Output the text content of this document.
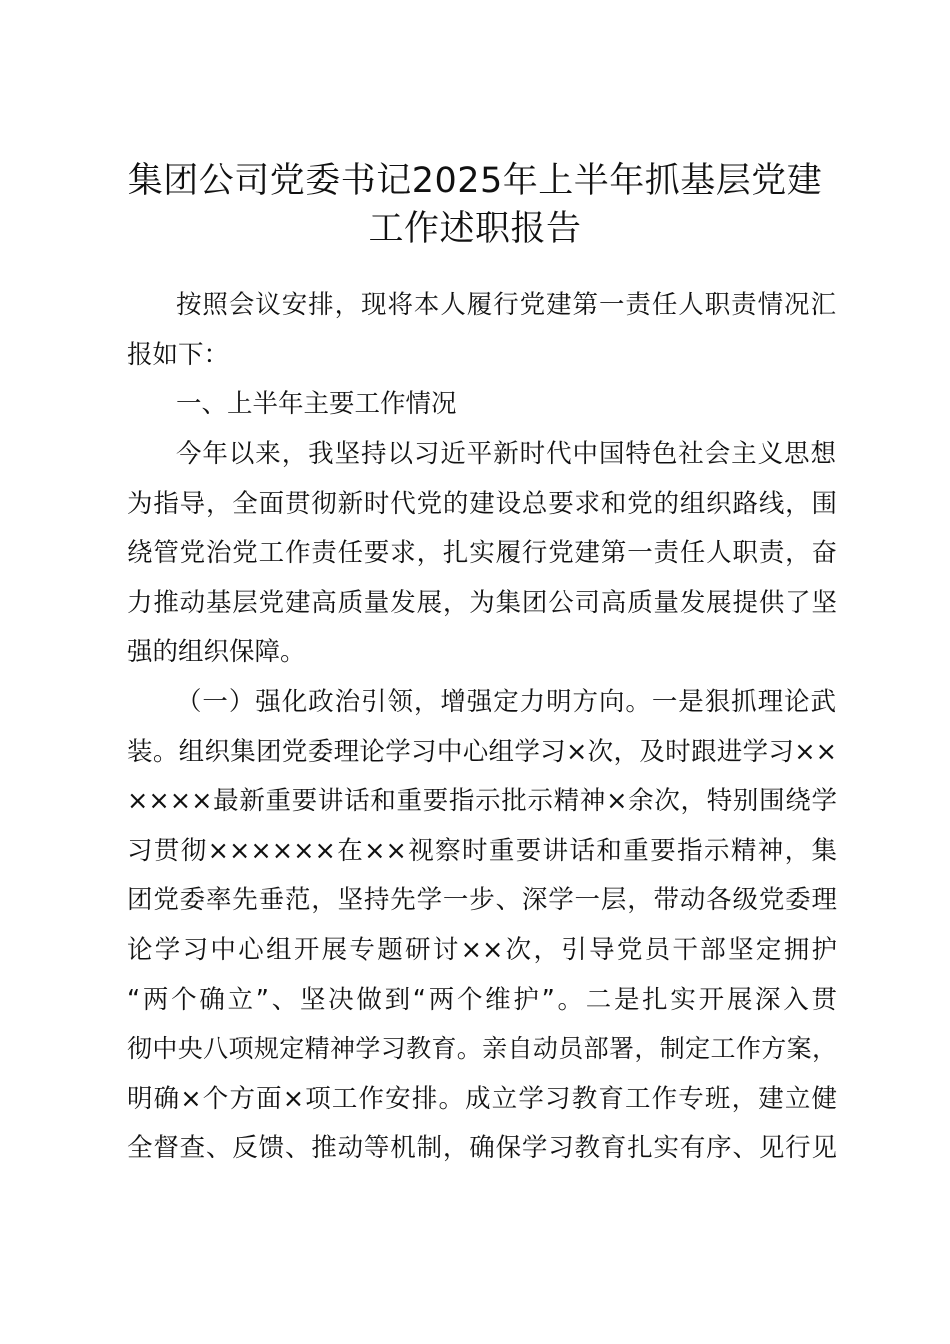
集团公司党委书记2025年上半年抓基层党建
工作述职报告
按照会议安排，现将本人履行党建第一责任人职责情况汇
报如下：
一、上半年主要工作情况
今年以来，我坚持以习近平新时代中国特色社会主义思想
为指导，全面贯彻新时代党的建设总要求和党的组织路线，围
绕管党治党工作责任要求，扎实履行党建第一责任人职责，奋
力推动基层党建高质量发展，为集团公司高质量发展提供了坚
强的组织保障。
（一）强化政治引领，增强定力明方向。一是狠抓理论武
装。组织集团党委理论学习中心组学习×次，及时跟进学习××
××××最新重要讲话和重要指示批示精神×余次，特别围绕学
习贯彻××××××在××视察时重要讲话和重要指示精神，集
团党委率先垂范，坚持先学一步、深学一层，带动各级党委理
论学习中心组开展专题研讨××次，引导党员干部坚定拥护
“两个确立”、坚决做到“两个维护”。二是扎实开展深入贯
彻中央八项规定精神学习教育。亲自动员部署，制定工作方案，
明确×个方面×项工作安排。成立学习教育工作专班，建立健
全督查、反馈、推动等机制，确保学习教育扎实有序、见行见
